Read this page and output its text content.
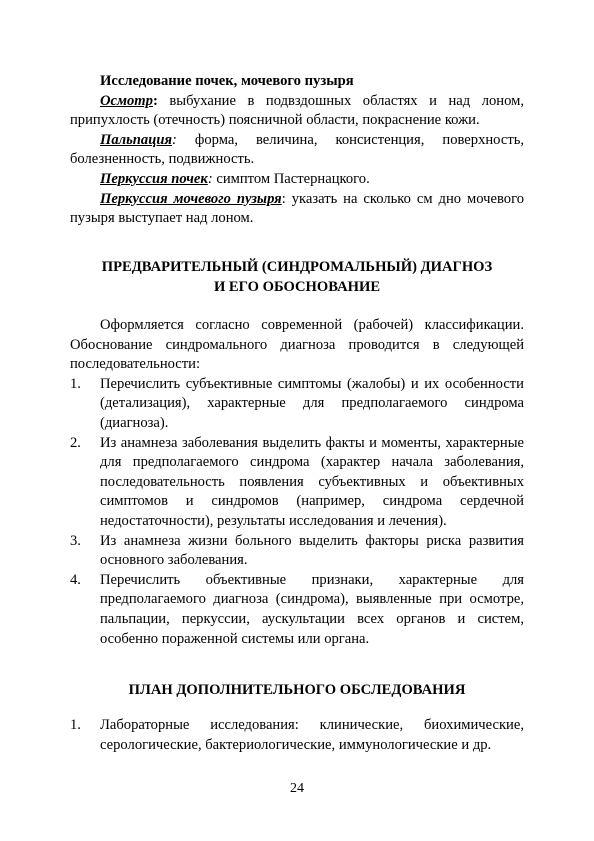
Исследование почек, мочевого пузыря

Осмотр: выбухание в подвздошных областях и над лоном, припухлость (отечность) поясничной области, покраснение кожи.

Пальпация: форма, величина, консистенция, поверхность, болезненность, подвижность.

Перкуссия почек: симптом Пастернацкого.

Перкуссия мочевого пузыря: указать на сколько см дно мочевого пузыря выступает над лоном.

ПРЕДВАРИТЕЛЬНЫЙ (СИНДРОМАЛЬНЫЙ) ДИАГНОЗ
И ЕГО ОБОСНОВАНИЕ

Оформляется согласно современной (рабочей) классификации. Обоснование синдромального диагноза проводится в следующей последовательности:

1.	Перечислить субъективные симптомы (жалобы) и их особенности (детализация), характерные для предполагаемого синдрома (диагноза).
2.	Из анамнеза заболевания выделить факты и моменты, характерные для предполагаемого синдрома (характер начала заболевания, последовательность появления субъективных и объективных симптомов и синдромов (например, синдрома сердечной недостаточности), результаты исследования и лечения).
3.	Из анамнеза жизни больного выделить факторы риска развития основного заболевания.
4.	Перечислить объективные признаки, характерные для предполагаемого диагноза (синдрома), выявленные при осмотре, пальпации, перкуссии, аускультации всех органов и систем, особенно пораженной системы или органа.
ПЛАН ДОПОЛНИТЕЛЬНОГО ОБСЛЕДОВАНИЯ
1.	Лабораторные исследования: клинические, биохимические, серологические, бактериологические, иммунологические и др.
24
